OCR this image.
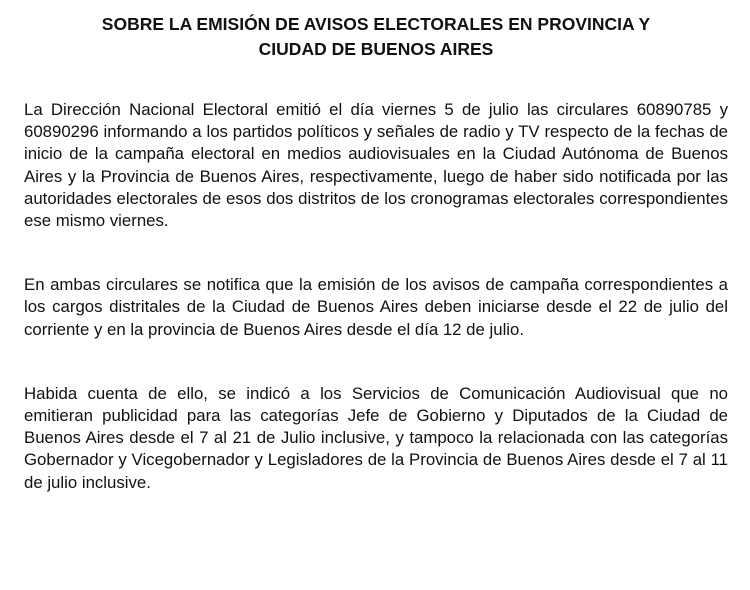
SOBRE LA EMISIÓN DE AVISOS ELECTORALES EN PROVINCIA Y
CIUDAD DE BUENOS AIRES

La Dirección Nacional Electoral emitió el día viernes 5 de julio las circulares 60890785 y 60890296 informando a los partidos políticos y señales de radio y TV respecto de la fechas de inicio de la campaña electoral en medios audiovisuales en la Ciudad Autónoma de Buenos Aires y la Provincia de Buenos Aires, respectivamente, luego de haber sido notificada por las autoridades electorales de esos dos distritos de los cronogramas electorales correspondientes ese mismo viernes.

En ambas circulares se notifica que la emisión de los avisos de campaña correspondientes a los cargos distritales de la Ciudad de Buenos Aires deben iniciarse desde el 22 de julio del corriente y en la provincia de Buenos Aires desde el día 12 de julio.

Habida cuenta de ello, se indicó a los Servicios de Comunicación Audiovisual que no emitieran publicidad para las categorías Jefe de Gobierno y Diputados de la Ciudad de Buenos Aires desde el 7 al 21 de Julio inclusive, y tampoco la relacionada con las categorías Gobernador y Vicegobernador y Legisladores de la Provincia de Buenos Aires desde el 7 al 11 de julio inclusive.
